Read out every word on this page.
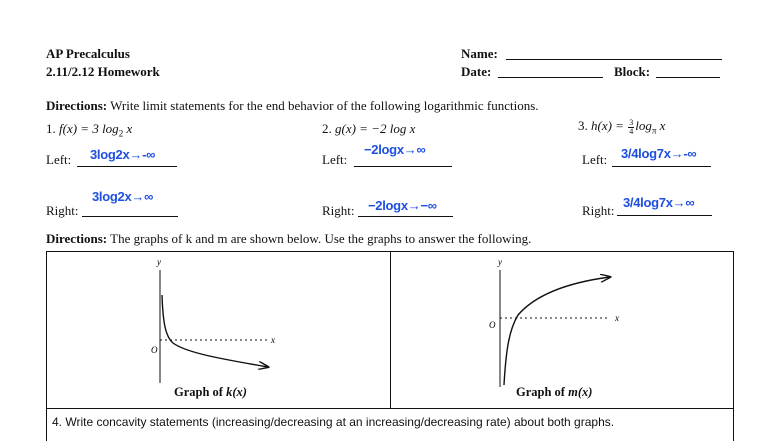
AP Precalculus
2.11/2.12 Homework
Name:
Date:	Block:
Directions: Write limit statements for the end behavior of the following logarithmic functions.
1. f(x) = 3 $\log_2 x$
Left: 3log2x→-∞
Right:
3log2x→∞
2. g(x) = −2 log x
Left:
−2logx→∞
Right: −2logx→−∞
3. $h(x) = \frac{3}{4} \log_\pi x$
Left: 3/4log7x→-∞
Right:
3/4log7x→∞
Directions: The graphs of k and m are shown below. Use the graphs to answer the following.
y
x
O
Graph of k(x)
y
x
O
Graph of m(x)
4. Write concavity statements (increasing/decreasing at an increasing/decreasing rate) about both graphs.
